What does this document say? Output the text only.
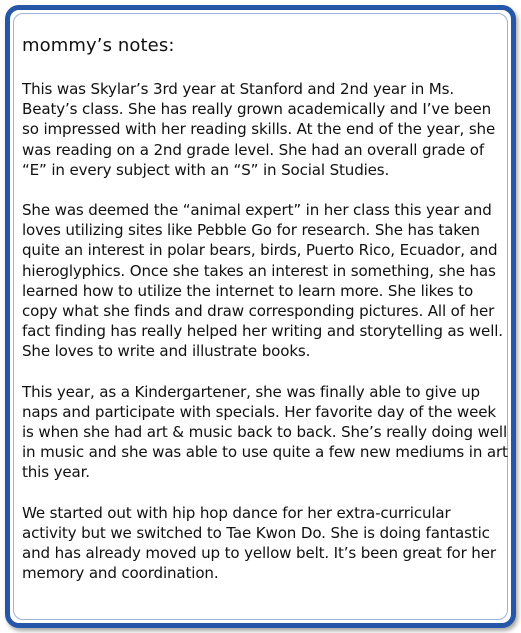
mommy’s notes:

This was Skylar’s 3rd year at Stanford and 2nd year in Ms. Beaty’s class. She has really grown academically and I’ve been so impressed with her reading skills. At the end of the year, she was reading on a 2nd grade level. She had an overall grade of “E” in every subject with an “S” in Social Studies.

She was deemed the “animal expert” in her class this year and loves utilizing sites like Pebble Go for research. She has taken quite an interest in polar bears, birds, Puerto Rico, Ecuador, and hieroglyphics. Once she takes an interest in something, she has learned how to utilize the internet to learn more. She likes to copy what she finds and draw corresponding pictures. All of her fact finding has really helped her writing and storytelling as well. She loves to write and illustrate books.

This year, as a Kindergartener, she was finally able to give up naps and participate with specials. Her favorite day of the week is when she had art & music back to back. She’s really doing well in music and she was able to use quite a few new mediums in art this year.

We started out with hip hop dance for her extra-curricular activity but we switched to Tae Kwon Do. She is doing fantastic and has already moved up to yellow belt. It’s been great for her memory and coordination.
